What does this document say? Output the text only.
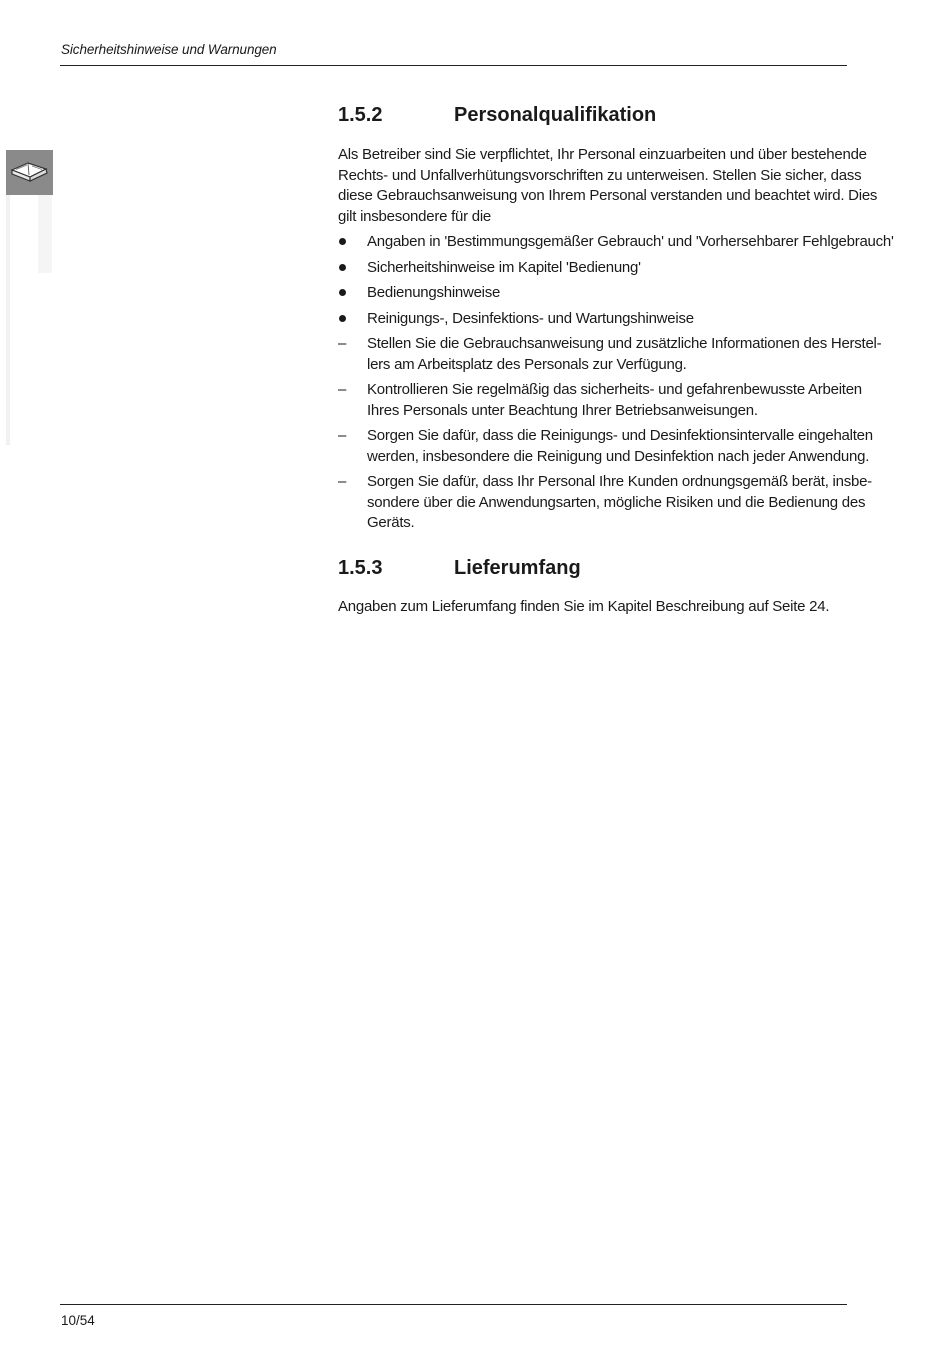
Sicherheitshinweise und Warnungen
1.5.2	Personalqualifikation

Als Betreiber sind Sie verpflichtet, Ihr Personal einzuarbeiten und über bestehende Rechts- und Unfallverhütungsvorschriften zu unterweisen. Stellen Sie sicher, dass diese Gebrauchsanweisung von Ihrem Personal verstanden und beachtet wird. Dies gilt insbesondere für die

Angaben in 'Bestimmungsgemäßer Gebrauch' und 'Vorhersehbarer Fehlgebrauch'
Sicherheitshinweise im Kapitel 'Bedienung'
Bedienungshinweise
Reinigungs-, Desinfektions- und Wartungshinweise
– Stellen Sie die Gebrauchsanweisung und zusätzliche Informationen des Herstellers am Arbeitsplatz des Personals zur Verfügung.
– Kontrollieren Sie regelmäßig das sicherheits- und gefahrenbewusste Arbeiten Ihres Personals unter Beachtung Ihrer Betriebsanweisungen.
– Sorgen Sie dafür, dass die Reinigungs- und Desinfektionsintervalle eingehalten werden, insbesondere die Reinigung und Desinfektion nach jeder Anwendung.
– Sorgen Sie dafür, dass Ihr Personal Ihre Kunden ordnungsgemäß berät, insbesondere über die Anwendungsarten, mögliche Risiken und die Bedienung des Geräts.
1.5.3	Lieferumfang

Angaben zum Lieferumfang finden Sie im Kapitel Beschreibung auf Seite 24.

10/54
